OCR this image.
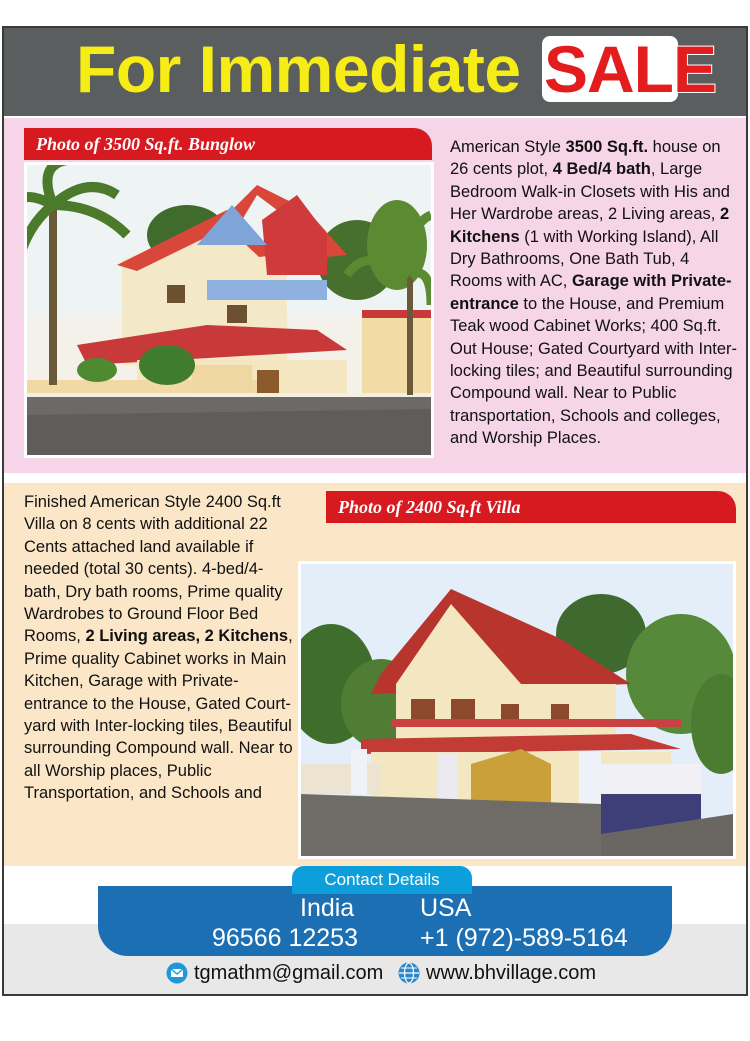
For Immediate SALE
Photo of 3500 Sq.ft. Bunglow	American Style 3500 Sq.ft. house on 26 cents plot, 4 Bed/4 bath, Large Bedroom Walk-in Closets with His and Her Wardrobe areas, 2 Living areas, 2 Kitchens (1 with Working Island), All Dry Bathrooms, One Bath Tub, 4 Rooms with AC, Garage with Private-entrance to the House, and Premium Teak wood Cabinet Works; 400 Sq.ft. Out House; Gated Courtyard with Inter-locking tiles; and Beautiful surrounding Compound wall. Near to Public transportation, Schools and colleges, and Worship Places.
Photo of 2400 Sq.ft Villa
Finished American Style 2400 Sq.ft Villa on 8 cents with additional 22 Cents attached land available if needed (total 30 cents). 4-bed/4-bath, Dry bath rooms, Prime quality Wardrobes to Ground Floor Bed Rooms, 2 Living areas, 2 Kitchens, Prime quality Cabinet works in Main Kitchen, Garage with Private-entrance to the House, Gated Court-yard with Inter-locking tiles, Beautiful surrounding Compound wall. Near to all Worship places, Public Transportation, and Schools and
Contact Details
India	USA
96566 12253 +1 (972)-589-5164
tgmathm@gmail.com www.bhvillage.com
